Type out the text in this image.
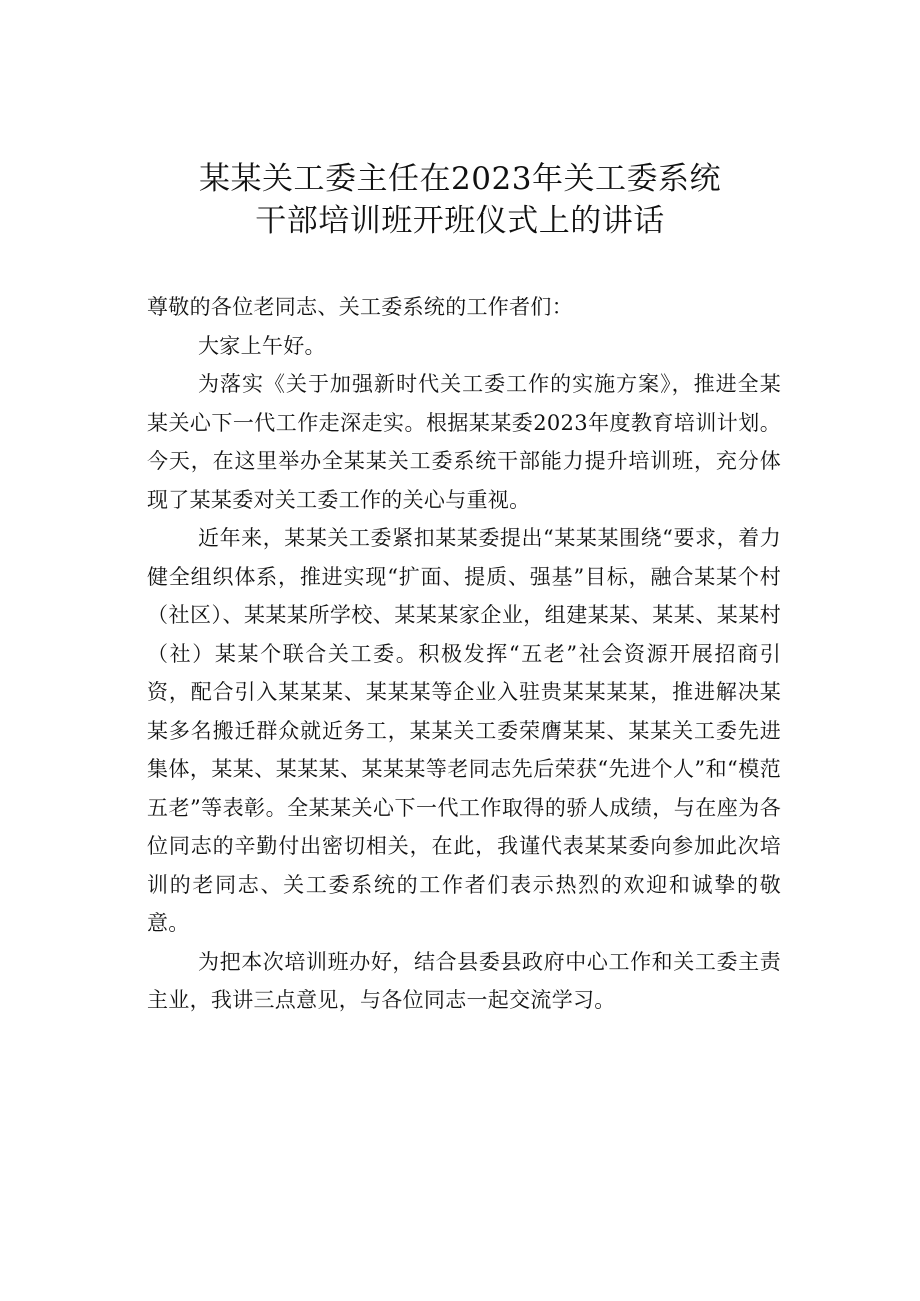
某某关工委主任在2023年关工委系统
干部培训班开班仪式上的讲话

尊敬的各位老同志、关工委系统的工作者们：

大家上午好。

为落实《关于加强新时代关工委工作的实施方案》，推进全某某关心下一代工作走深走实。根据某某委2023年度教育培训计划。今天，在这里举办全某某关工委系统干部能力提升培训班，充分体现了某某委对关工委工作的关心与重视。

近年来，某某关工委紧扣某某委提出“某某某围绕“要求，着力健全组织体系，推进实现“扩面、提质、强基”目标，融合某某个村（社区）、某某某所学校、某某某家企业，组建某某、某某、某某村（社）某某个联合关工委。积极发挥“五老”社会资源开展招商引资，配合引入某某某、某某某等企业入驻贵某某某某，推进解决某某多名搬迁群众就近务工，某某关工委荣膺某某、某某关工委先进集体，某某、某某某、某某某等老同志先后荣获“先进个人”和“模范五老”等表彰。全某某关心下一代工作取得的骄人成绩，与在座为各位同志的辛勤付出密切相关，在此，我谨代表某某委向参加此次培训的老同志、关工委系统的工作者们表示热烈的欢迎和诚挚的敬意。

为把本次培训班办好，结合县委县政府中心工作和关工委主责主业，我讲三点意见，与各位同志一起交流学习。
